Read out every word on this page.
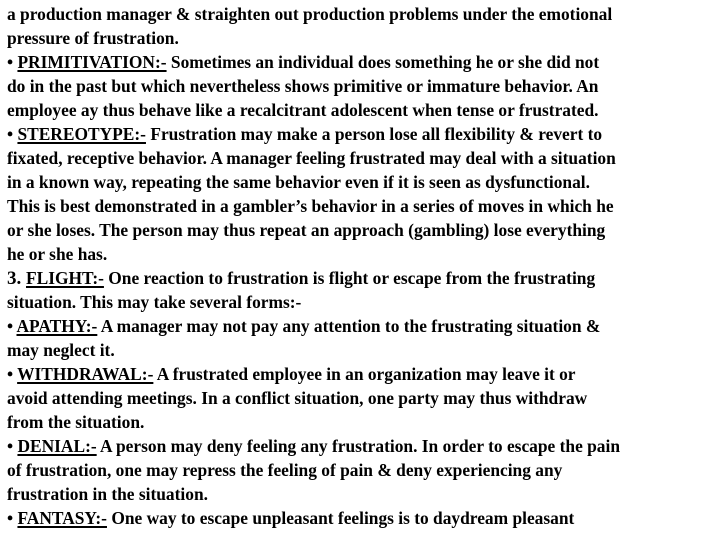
a production manager & straighten out production problems under the emotional
pressure of frustration.
• PRIMITIVATION:- Sometimes an individual does something he or she did not
do in the past but which nevertheless shows primitive or immature behavior. An
employee ay thus behave like a recalcitrant adolescent when tense or frustrated.
• STEREOTYPE:- Frustration may make a person lose all flexibility & revert to
fixated, receptive behavior. A manager feeling frustrated may deal with a situation
in a known way, repeating the same behavior even if it is seen as dysfunctional.
This is best demonstrated in a gambler’s behavior in a series of moves in which he
or she loses. The person may thus repeat an approach (gambling) lose everything
he or she has.
3. FLIGHT:- One reaction to frustration is flight or escape from the frustrating
situation. This may take several forms:-
• APATHY:- A manager may not pay any attention to the frustrating situation &
may neglect it.
• WITHDRAWAL:- A frustrated employee in an organization may leave it or
avoid attending meetings. In a conflict situation, one party may thus withdraw
from the situation.
• DENIAL:- A person may deny feeling any frustration. In order to escape the pain
of frustration, one may repress the feeling of pain & deny experiencing any
frustration in the situation.
• FANTASY:- One way to escape unpleasant feelings is to daydream pleasant
